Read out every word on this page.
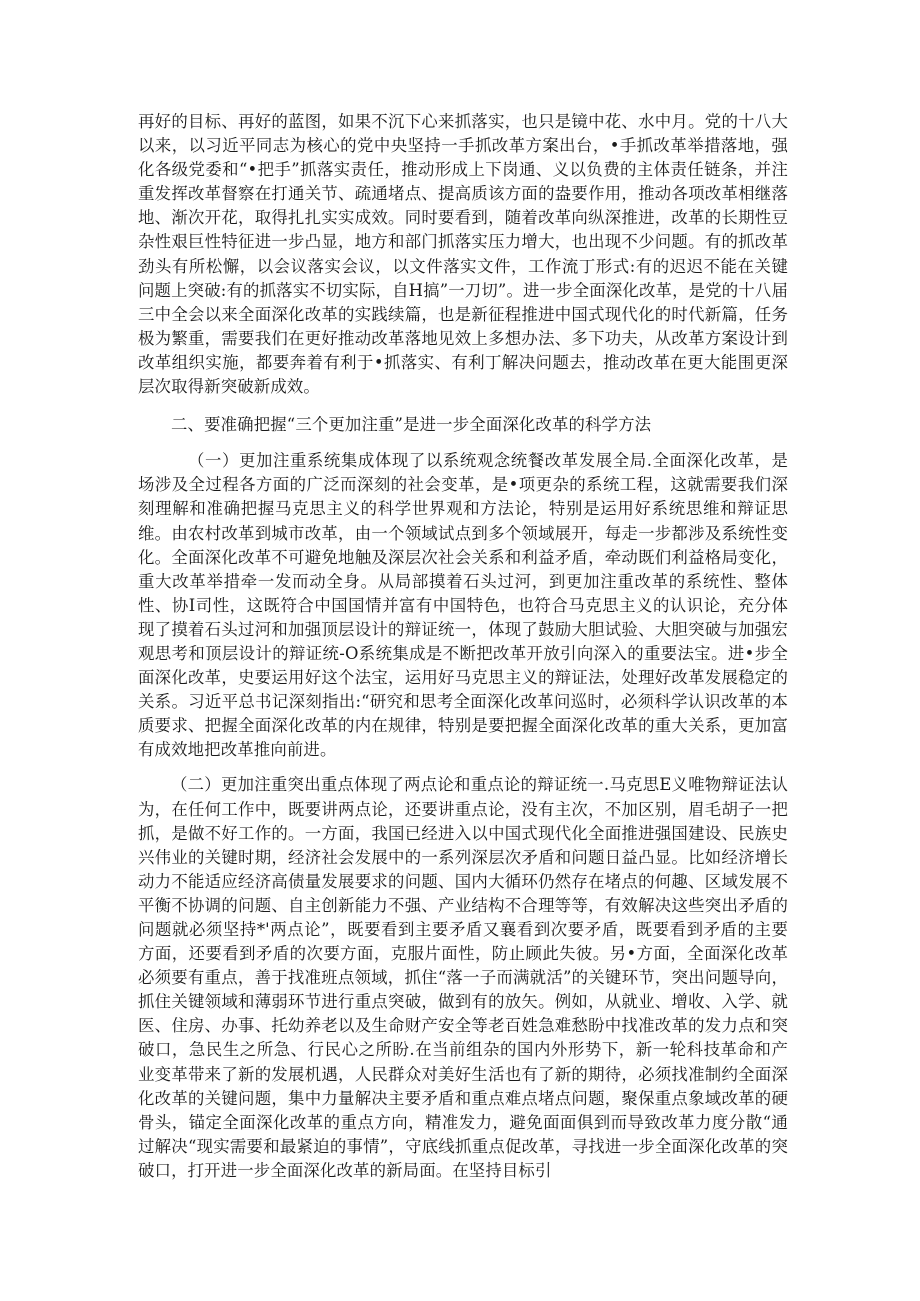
再好的目标、再好的蓝图，如果不沉下心来抓落实，也只是镜中花、水中月。党的十八大以来，以习近平同志为核心的党中央坚持一手抓改革方案出台，•手抓改革举措落地，强化各级党委和“•把手”抓落实责任，推动形成上下岗通、义以负费的主体责任链条，并注重发挥改革督察在打通关节、疏通堵点、提高质该方面的盎要作用，推动各项改革相继落地、渐次开花，取得扎扎实实成效。同时要看到，随着改革向纵深推进，改革的长期性豆杂性艰巨性特征进一步凸显，地方和部门抓落实压力增大，也出现不少问题。有的抓改革劲头有所松懈，以会议落实会议，以文件落实文件，工作流丁形式:有的迟迟不能在关键问题上突破:有的抓落实不切实际，自H搞”一刀切”。进一步全面深化改革，是党的十八届三中全会以来全面深化改革的实践续篇，也是新征程推进中国式现代化的时代新篇，任务极为繁重，需要我们在更好推动改革落地见效上多想办法、多下功夫，从改革方案设计到改革组织实施，都要奔着有利于•抓落实、有利丁解决问题去，推动改革在更大能围更深层次取得新突破新成效。

二、要准确把握“三个更加注重”是进一步全面深化改革的科学方法

（一）更加注重系统集成体现了以系统观念统餐改革发展全局.全面深化改革，是场涉及全过程各方面的广泛而深刻的社会变革，是•项更杂的系统工程，这就需要我们深刻理解和准确把握马克思主义的科学世界观和方法论，特别是运用好系统思维和辩证思维。由农村改革到城市改革，由一个领域试点到多个领域展开，每走一步都涉及系统性变化。全面深化改革不可避免地触及深层次社会关系和利益矛盾，牵动既们利益格局变化，重大改革举措牵一发而动全身。从局部摸着石头过河，到更加注重改革的系统性、整体性、协I司性，这既符合中国国情并富有中国特色，也符合马克思主义的认识论，充分体现了摸着石头过河和加强顶层设计的辩证统一，体现了鼓励大胆试验、大胆突破与加强宏观思考和顶层设计的辩证统-O系统集成是不断把改革开放引向深入的重要法宝。进•步全面深化改革，史要运用好这个法宝，运用好马克思主义的辩证法，处理好改革发展稳定的关系。习近平总书记深刻指出:“研究和思考全面深化改革问巡时，必须科学认识改革的本质要求、把握全面深化改革的内在规律，特别是要把握全面深化改革的重大关系，更加富有成效地把改革推向前进。

（二）更加注重突出重点体现了两点论和重点论的辩证统一.马克思E义唯物辩证法认为，在任何工作中，既要讲两点论，还要讲重点论，没有主次，不加区别，眉毛胡子一把抓，是做不好工作的。一方面，我国已经进入以中国式现代化全面推进强国建设、民族史兴伟业的关键时期，经济社会发展中的一系列深层次矛盾和问题日益凸显。比如经济增长动力不能适应经济高债量发展要求的问题、国内大循环仍然存在堵点的何趣、区域发展不平衡不协调的问题、自主创新能力不强、产业结构不合理等等，有效解决这些突出矛盾的问题就必须坚持*'两点论”，既要看到主要矛盾又襄看到次要矛盾，既要看到矛盾的主要方面，还要看到矛盾的次要方面，克服片面性，防止顾此失彼。另•方面，全面深化改革必须要有重点，善于找准班点领域，抓住“落一子而满就活”的关键环节，突出问题导向，抓住关键领域和薄弱环节进行重点突破，做到有的放矢。例如，从就业、增收、入学、就医、住房、办事、托幼养老以及生命财产安全等老百姓急难愁盼中找准改革的发力点和突破口，急民生之所急、行民心之所盼.在当前组杂的国内外形势下，新一轮科技革命和产业变革带来了新的发展机遇，人民群众对美好生活也有了新的期待，必须找准制约全面深化改革的关键问题，集中力量解决主要矛盾和重点难点堵点问题，聚保重点象域改革的硬骨头，锚定全面深化改革的重点方向，精准发力，避免面面俱到而导致改革力度分散“通过解决“现实需要和最紧迫的事情”，守底线抓重点促改革，寻找进一步全面深化改革的突破口，打开进一步全面深化改革的新局面。在坚持目标引
